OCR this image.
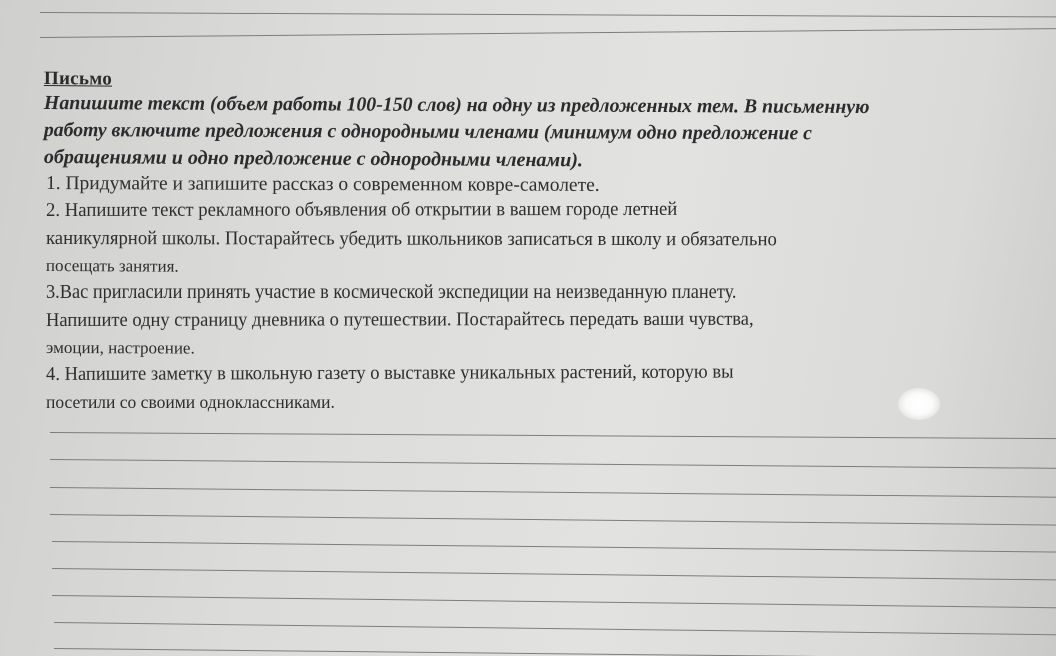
Письмо
Напишите текст (объем работы 100-150 слов) на одну из предложенных тем. В письменную
работу включите предложения с однородными членами (минимум одно предложение с
обращениями и одно предложение с однородными членами).
1. Придумайте и запишите рассказ о современном ковре-самолете.
2. Напишите текст рекламного объявления об открытии в вашем городе летней
каникулярной школы. Постарайтесь убедить школьников записаться в школу и обязательно
посещать занятия.
3.Вас пригласили принять участие в космической экспедиции на неизведанную планету.
Напишите одну страницу дневника о путешествии. Постарайтесь передать ваши чувства,
эмоции, настроение.
4. Напишите заметку в школьную газету о выставке уникальных растений, которую вы
посетили со своими одноклассниками.
